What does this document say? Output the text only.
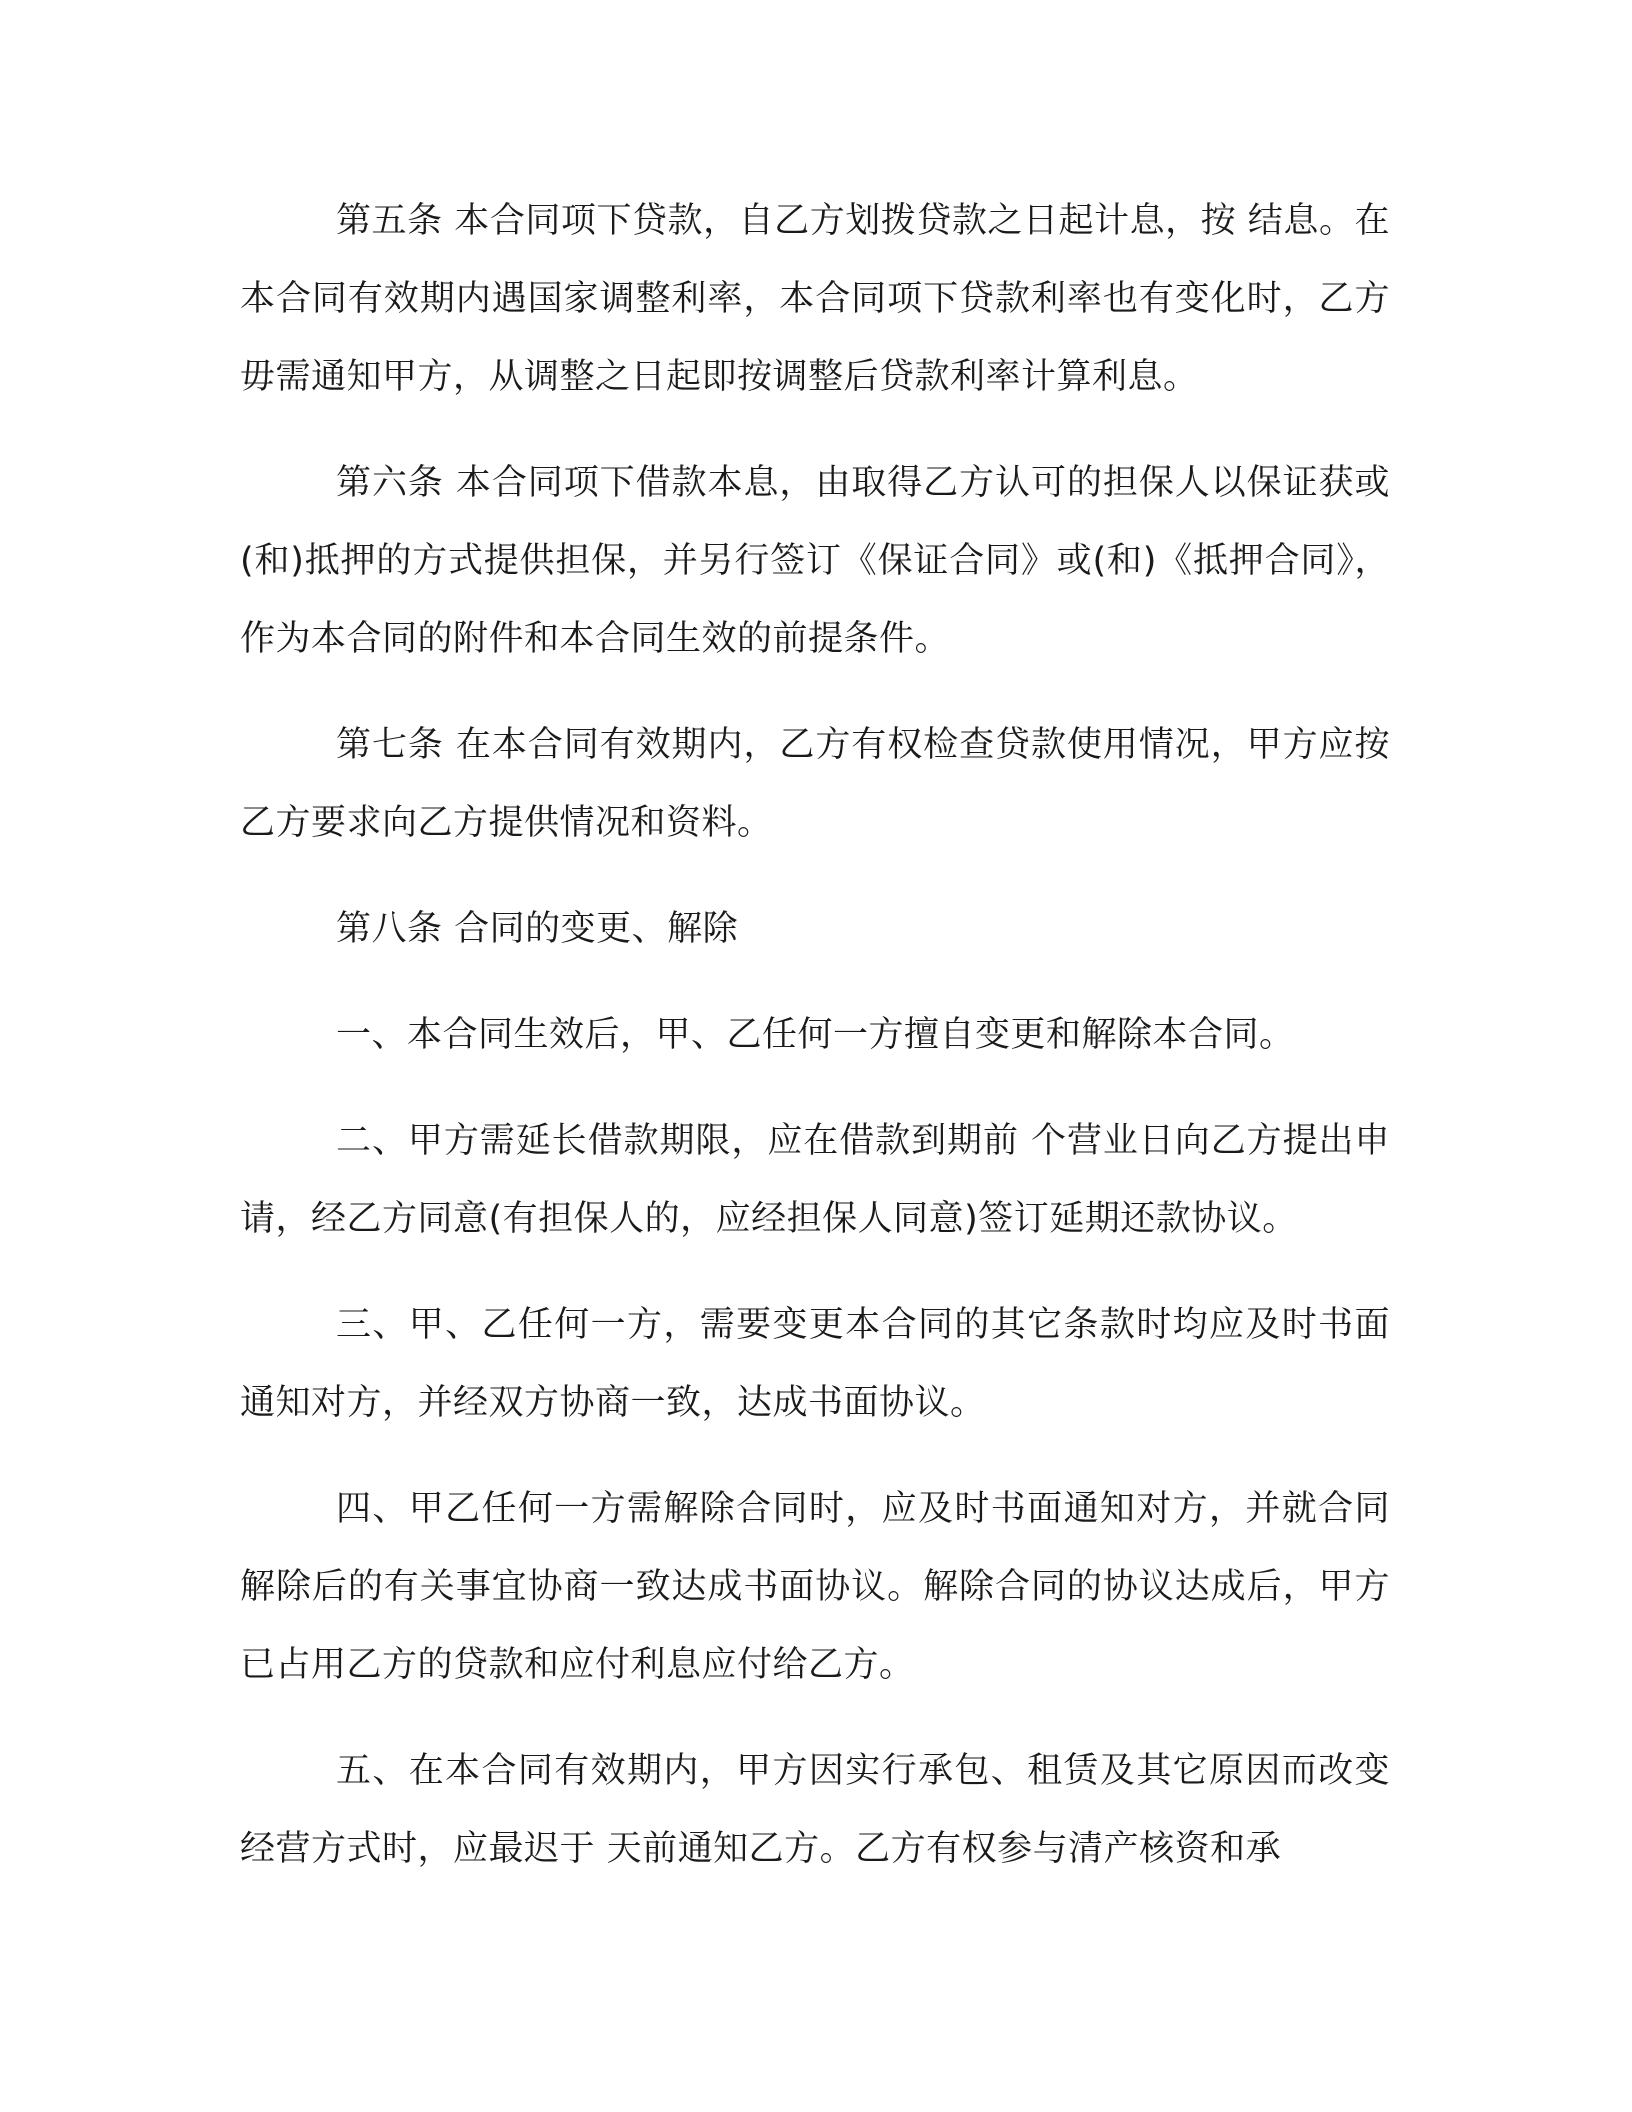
第五条 本合同项下贷款，自乙方划拨贷款之日起计息，按 结息。在本合同有效期内遇国家调整利率，本合同项下贷款利率也有变化时，乙方毋需通知甲方，从调整之日起即按调整后贷款利率计算利息。

第六条 本合同项下借款本息，由取得乙方认可的担保人以保证获或(和)抵押的方式提供担保，并另行签订《保证合同》或(和)《抵押合同》，作为本合同的附件和本合同生效的前提条件。

第七条 在本合同有效期内，乙方有权检查贷款使用情况，甲方应按乙方要求向乙方提供情况和资料。

第八条 合同的变更、解除

一、本合同生效后，甲、乙任何一方擅自变更和解除本合同。

二、甲方需延长借款期限，应在借款到期前 个营业日向乙方提出申请，经乙方同意(有担保人的，应经担保人同意)签订延期还款协议。

三、甲、乙任何一方，需要变更本合同的其它条款时均应及时书面通知对方，并经双方协商一致，达成书面协议。

四、甲乙任何一方需解除合同时，应及时书面通知对方，并就合同解除后的有关事宜协商一致达成书面协议。解除合同的协议达成后，甲方已占用乙方的贷款和应付利息应付给乙方。

五、在本合同有效期内，甲方因实行承包、租赁及其它原因而改变经营方式时，应最迟于 天前通知乙方。乙方有权参与清产核资和承
